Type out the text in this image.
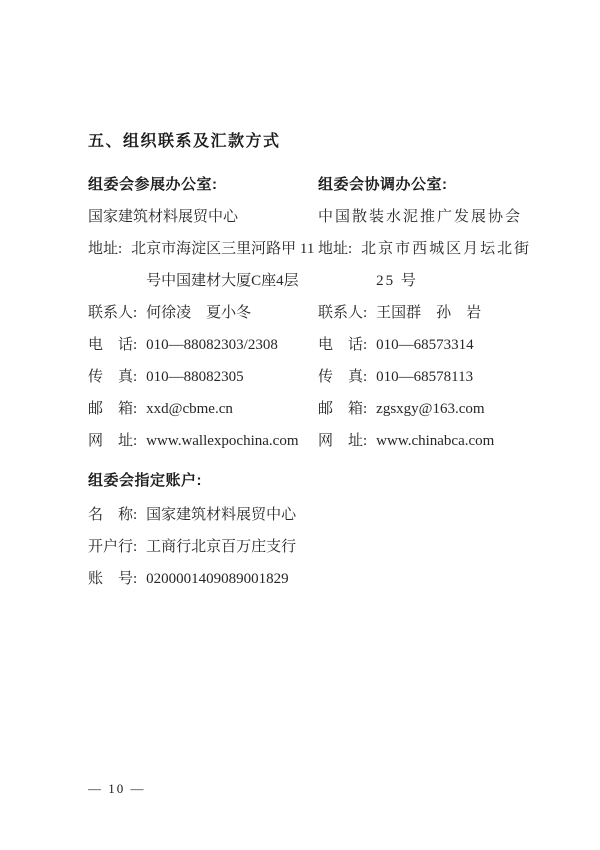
五、组织联系及汇款方式
组委会参展办公室:
国家建筑材料展贸中心
地址: 北京市海淀区三里河路甲 11
号中国建材大厦C座4层
联系人: 何徐凌　夏小冬
电　话: 010—88082303/2308
传　真: 010—88082305
邮　箱: xxd@cbme.cn
网　址: www.wallexpochina.com
组委会协调办公室:
中国散装水泥推广发展协会
地址: 北京市西城区月坛北街
25 号
联系人: 王国群　孙　岩
电　话: 010—68573314
传　真: 010—68578113
邮　箱: zgsxgy@163.com
网　址: www.chinabca.com
组委会指定账户:
名　称: 国家建筑材料展贸中心
开户行: 工商行北京百万庄支行
账　号: 0200001409089001829
— 10 —
